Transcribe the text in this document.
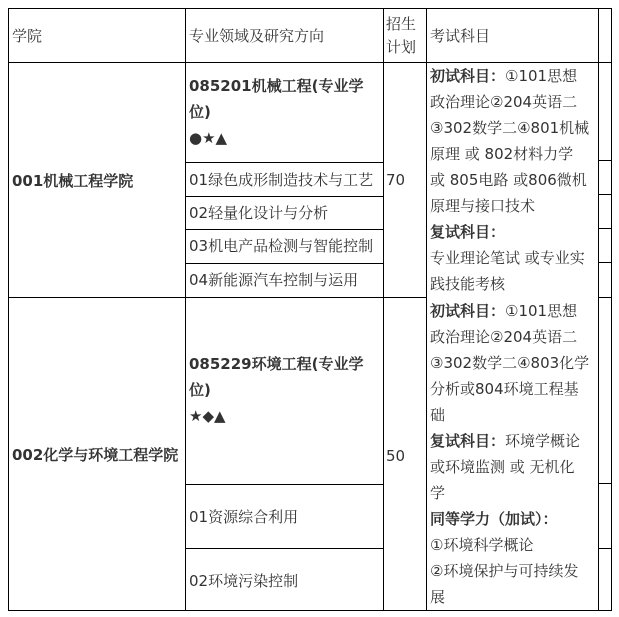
学院	专业领域及研究方向
招生
计划
考试科目
001机械工程学院
085201机械工程(专业学
位)
●★▲
01绿色成形制造技术与工艺
02轻量化设计与分析
03机电产品检测与智能控制
04新能源汽车控制与运用
70
初试科目：①101思想
政治理论②204英语二
③302数学二④801机械
原理 或 802材料力学
或 805电路 或806微机
原理与接口技术
复试科目：
专业理论笔试 或专业实
践技能考核
002化学与环境工程学院
085229环境工程(专业学
位)
★◆▲
01资源综合利用
02环境污染控制
50
初试科目：①101思想
政治理论②204英语二
③302数学二④803化学
分析或804环境工程基
础
复试科目：环境学概论
或环境监测 或 无机化
学
同等学力（加试）：
①环境科学概论
②环境保护与可持续发
展
